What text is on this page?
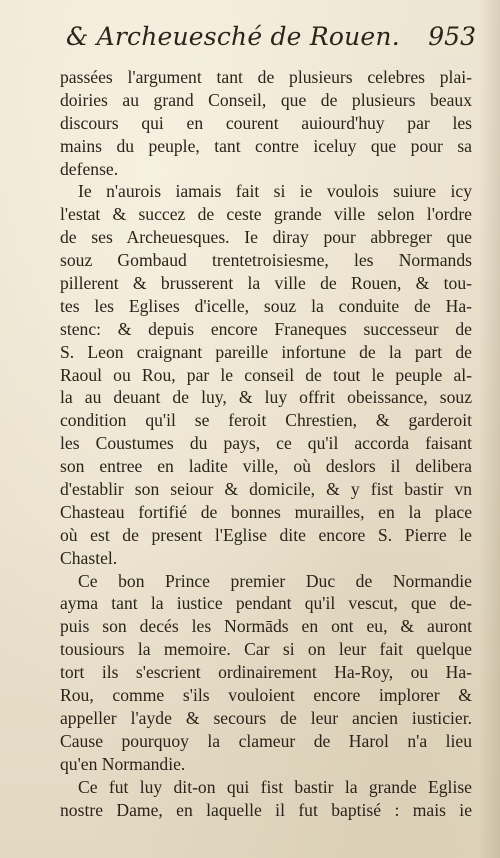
& Archeuesché de Rouen. 953
passées l'argument tant de plusieurs celebres plai-
doiries au grand Conseil, que de plusieurs beaux
discours qui en courent auiourd'huy par les
mains du peuple, tant contre iceluy que pour sa
defense.
Ie n'aurois iamais fait si ie voulois suiure icy
l'estat & succez de ceste grande ville selon l'ordre
de ses Archeuesques. Ie diray pour abbreger que
souz Gombaud trentetroisiesme, les Normands
pillerent & brusserent la ville de Rouen, & tou-
tes les Eglises d'icelle, souz la conduite de Ha-
stenc: & depuis encore Franeques successeur de
S. Leon craignant pareille infortune de la part de
Raoul ou Rou, par le conseil de tout le peuple al-
la au deuant de luy, & luy offrit obeissance, souz
condition qu'il se feroit Chrestien, & garderoit
les Coustumes du pays, ce qu'il accorda faisant
son entree en ladite ville, où deslors il delibera
d'establir son seiour & domicile, & y fist bastir vn
Chasteau fortifié de bonnes murailles, en la place
où est de present l'Eglise dite encore S. Pierre le
Chastel.
Ce bon Prince premier Duc de Normandie
ayma tant la iustice pendant qu'il vescut, que de-
puis son decés les Normāds en ont eu, & auront
tousiours la memoire. Car si on leur fait quelque
tort ils s'escrient ordinairement Ha-Roy, ou Ha-
Rou, comme s'ils vouloient encore implorer &
appeller l'ayde & secours de leur ancien iusticier.
Cause pourquoy la clameur de Harol n'a lieu
qu'en Normandie.
Ce fut luy dit-on qui fist bastir la grande Eglise
nostre Dame, en laquelle il fut baptisé : mais ie
